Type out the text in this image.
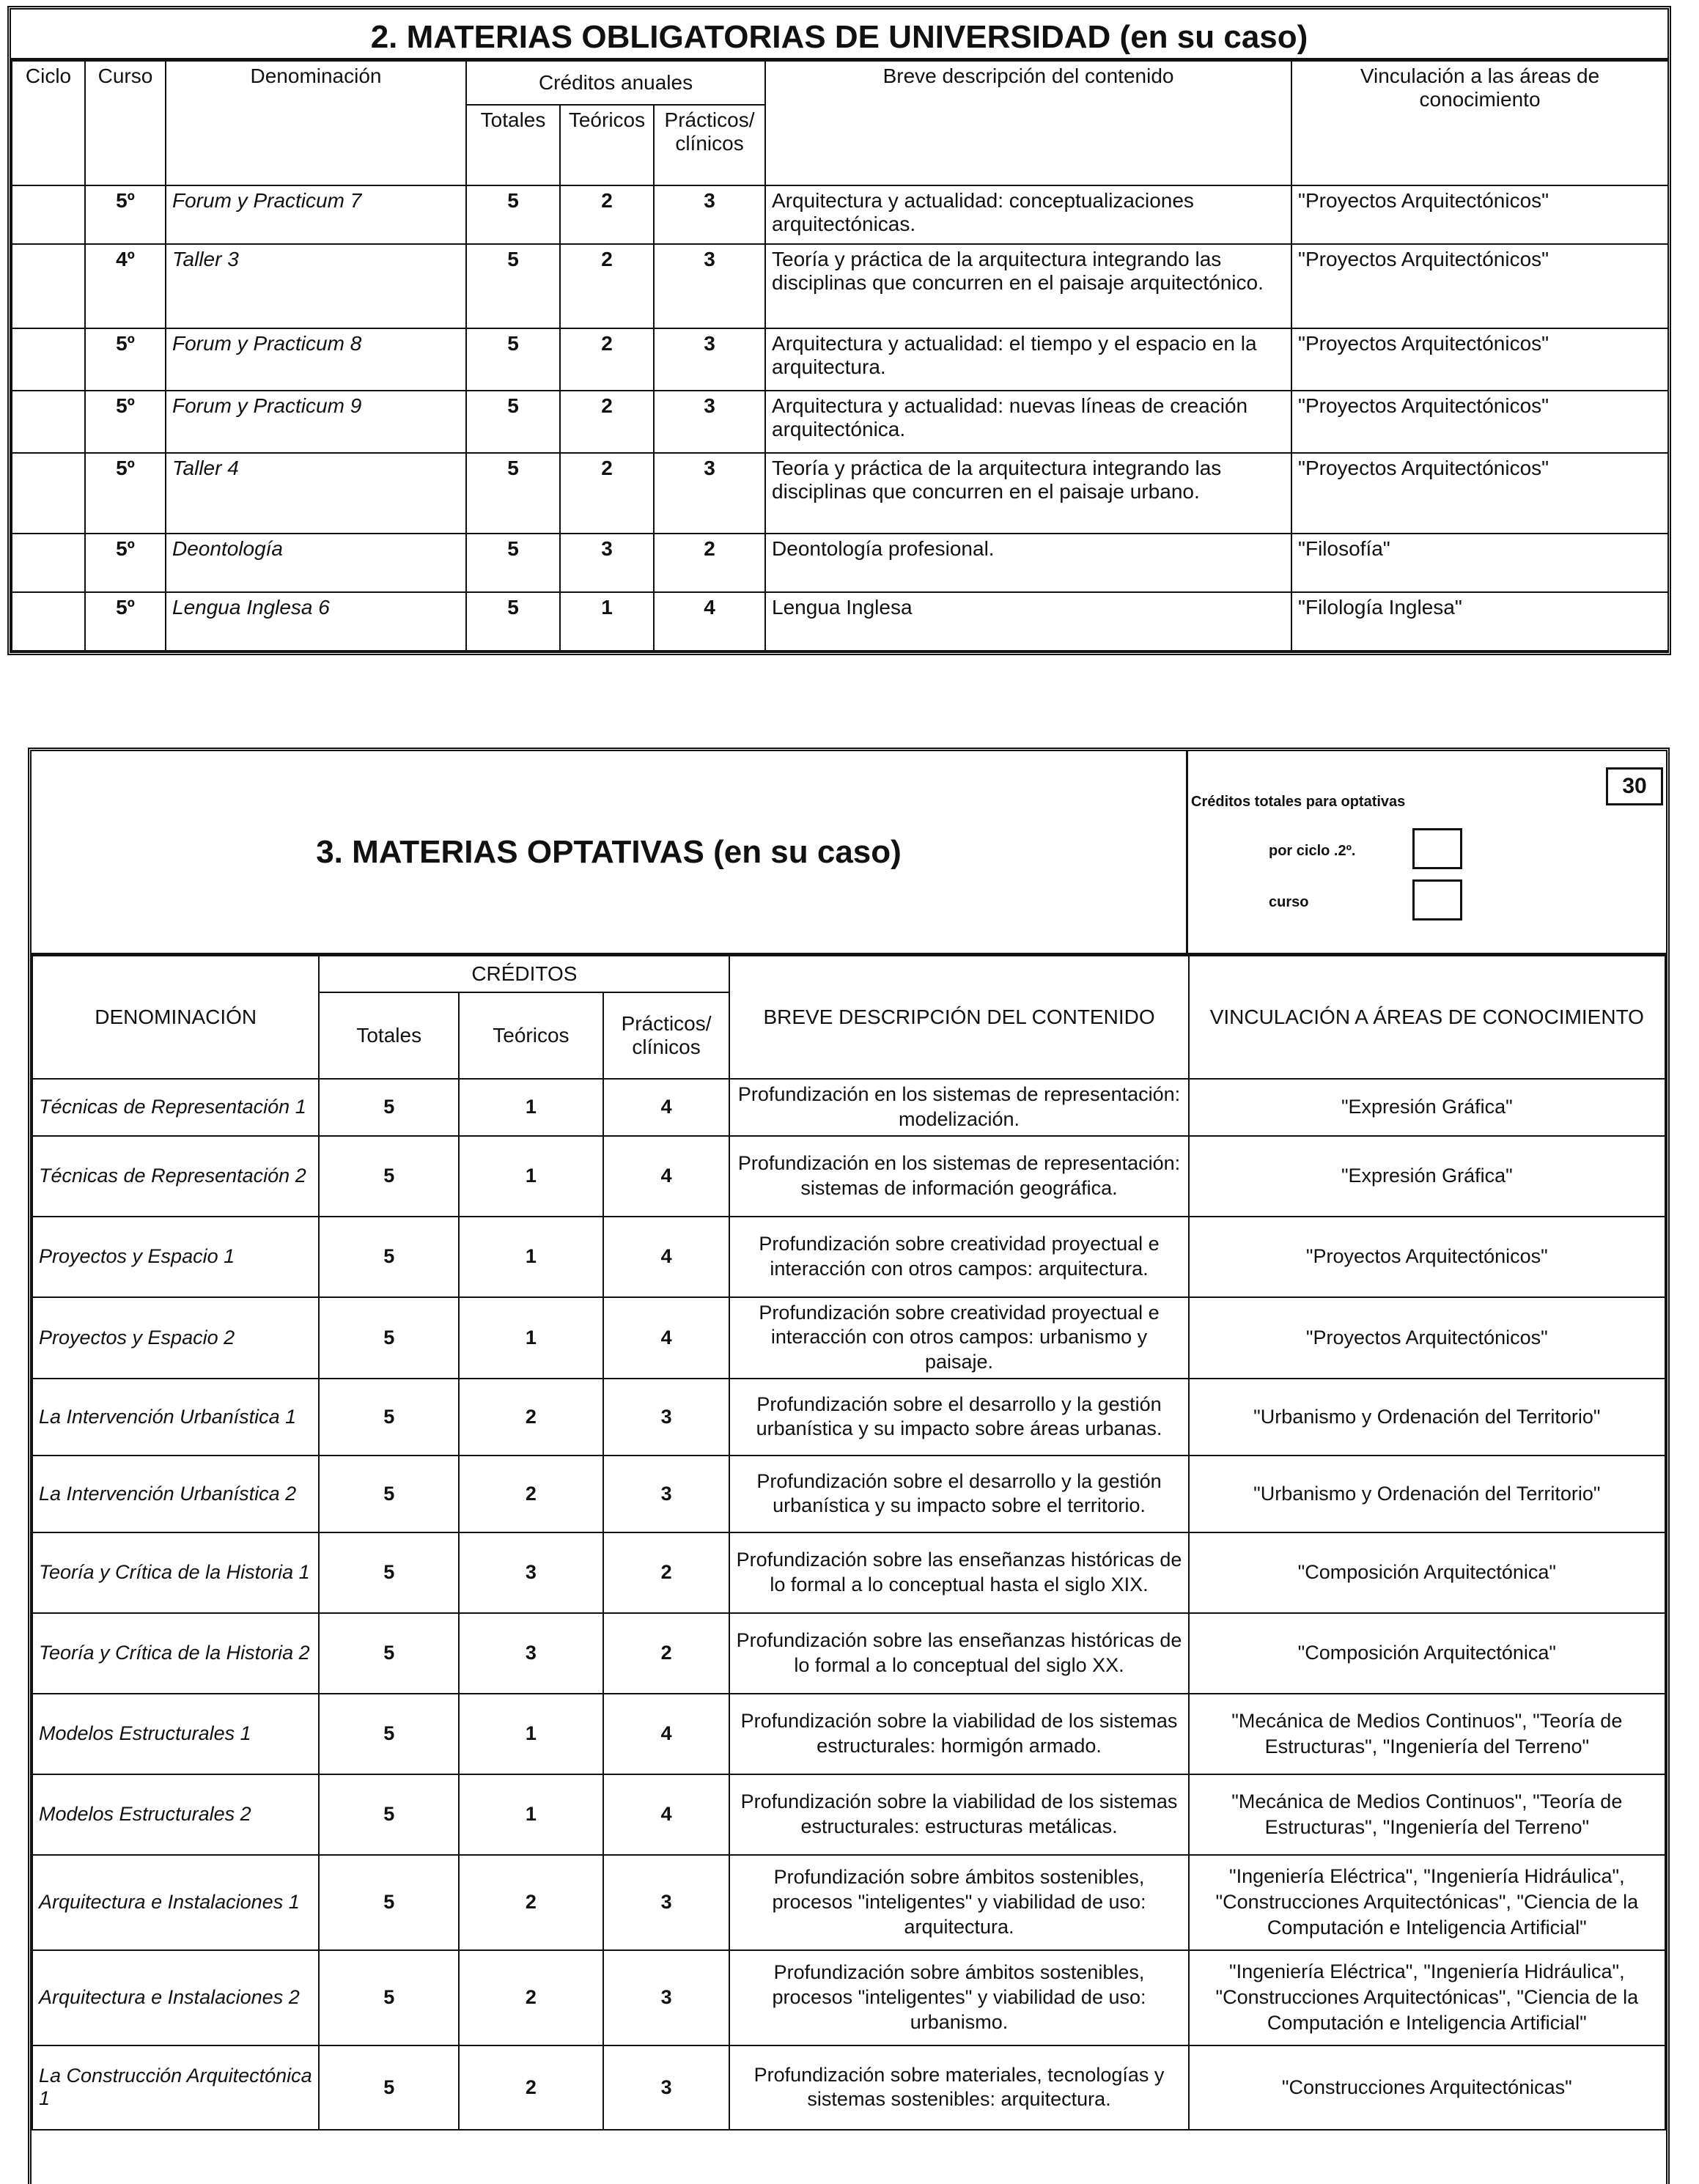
2. MATERIAS OBLIGATORIAS DE UNIVERSIDAD (en su caso)
Ciclo	Curso	Denominación	Créditos anuales			Breve descripción del contenido	Vinculación a las áreas de conocimiento
			Totales	Teóricos	Prácticos/ clínicos		
	5º	Forum y Practicum 7	5	2	3	Arquitectura y actualidad: conceptualizaciones arquitectónicas.	"Proyectos Arquitectónicos"
	4º	Taller 3	5	2	3	Teoría y práctica de la arquitectura integrando las disciplinas que concurren en el paisaje arquitectónico.	"Proyectos Arquitectónicos"
	5º	Forum y Practicum 8	5	2	3	Arquitectura y actualidad: el tiempo y el espacio en la arquitectura.	"Proyectos Arquitectónicos"
	5º	Forum y Practicum 9	5	2	3	Arquitectura y actualidad: nuevas líneas de creación arquitectónica.	"Proyectos Arquitectónicos"
	5º	Taller 4	5	2	3	Teoría y práctica de la arquitectura integrando las disciplinas que concurren en el paisaje urbano.	"Proyectos Arquitectónicos"
	5º	Deontología	5	3	2	Deontología profesional.	"Filosofía"
	5º	Lengua Inglesa 6	5	1	4	Lengua Inglesa	"Filología Inglesa"
3. MATERIAS OPTATIVAS (en su caso)
Créditos totales para optativas
30
por ciclo .2º.
curso
DENOMINACIÓN	CRÉDITOS			BREVE DESCRIPCIÓN DEL CONTENIDO	VINCULACIÓN A ÁREAS DE CONOCIMIENTO
	Totales	Teóricos	Prácticos/ clínicos		
Técnicas de Representación 1	5	1	4	Profundización en los sistemas de representación: modelización.	"Expresión Gráfica"
Técnicas de Representación 2	5	1	4	Profundización en los sistemas de representación: sistemas de información geográfica.	"Expresión Gráfica"
Proyectos y Espacio 1	5	1	4	Profundización sobre creatividad proyectual e interacción con otros campos: arquitectura.	"Proyectos Arquitectónicos"
Proyectos y Espacio 2	5	1	4	Profundización sobre creatividad proyectual e interacción con otros campos: urbanismo y paisaje.	"Proyectos Arquitectónicos"
La Intervención Urbanística 1	5	2	3	Profundización sobre el desarrollo y la gestión urbanística y su impacto sobre áreas urbanas.	"Urbanismo y Ordenación del Territorio"
La Intervención Urbanística 2	5	2	3	Profundización sobre el desarrollo y la gestión urbanística y su impacto sobre el territorio.	"Urbanismo y Ordenación del Territorio"
Teoría y Crítica de la Historia 1	5	3	2	Profundización sobre las enseñanzas históricas de lo formal a lo conceptual hasta el siglo XIX.	"Composición Arquitectónica"
Teoría y Crítica de la Historia 2	5	3	2	Profundización sobre las enseñanzas históricas de lo formal a lo conceptual del siglo XX.	"Composición Arquitectónica"
Modelos Estructurales 1	5	1	4	Profundización sobre la viabilidad de los sistemas estructurales: hormigón armado.	"Mecánica de Medios Continuos", "Teoría de Estructuras", "Ingeniería del Terreno"
Modelos Estructurales 2	5	1	4	Profundización sobre la viabilidad de los sistemas estructurales: estructuras metálicas.	"Mecánica de Medios Continuos", "Teoría de Estructuras", "Ingeniería del Terreno"
Arquitectura e Instalaciones 1	5	2	3	Profundización sobre ámbitos sostenibles, procesos "inteligentes" y viabilidad de uso: arquitectura.	"Ingeniería Eléctrica", "Ingeniería Hidráulica", "Construcciones Arquitectónicas", "Ciencia de la Computación e Inteligencia Artificial"
Arquitectura e Instalaciones 2	5	2	3	Profundización sobre ámbitos sostenibles, procesos "inteligentes" y viabilidad de uso: urbanismo.	"Ingeniería Eléctrica", "Ingeniería Hidráulica", "Construcciones Arquitectónicas", "Ciencia de la Computación e Inteligencia Artificial"
La Construcción Arquitectónica 1	5	2	3	Profundización sobre materiales, tecnologías y sistemas sostenibles: arquitectura.	"Construcciones Arquitectónicas"
